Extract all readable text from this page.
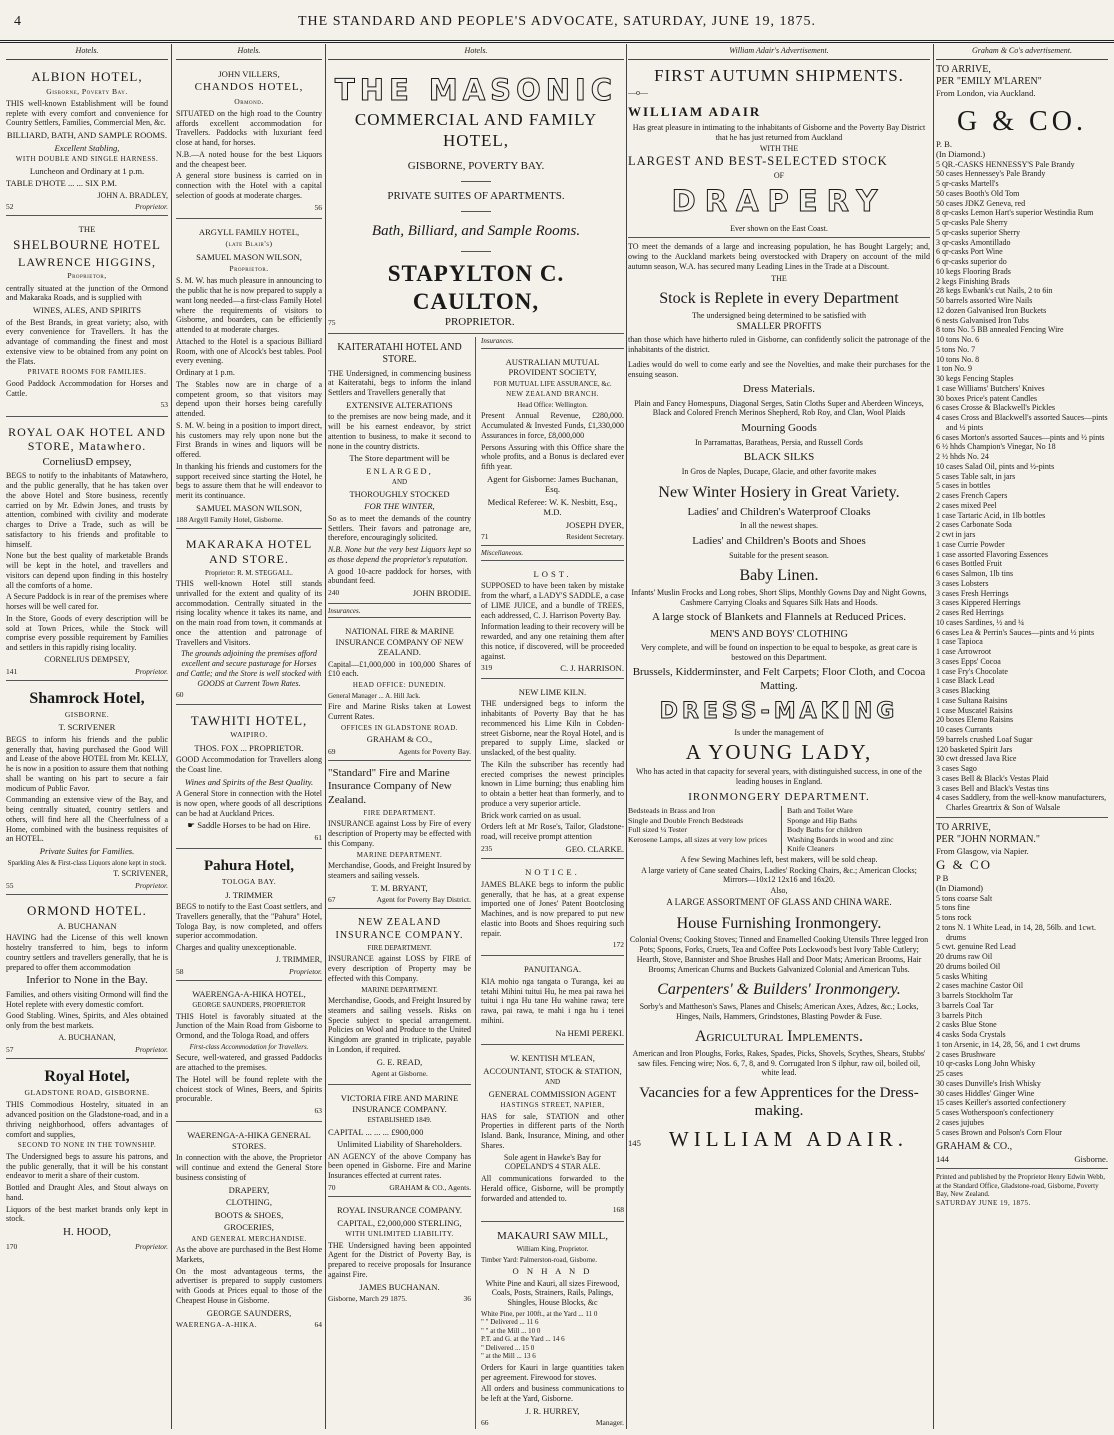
4	THE STANDARD AND PEOPLE'S ADVOCATE, SATURDAY, JUNE 19, 1875.
Hotels.
ALBION HOTEL,
Gisborne, Poverty Bay.

THIS well-known Establishment will be found replete with every comfort and convenience for Country Settlers, Families, Commercial Men, &c.

BILLIARD, BATH, AND SAMPLE ROOMS.
Excellent Stabling,
WITH DOUBLE AND SINGLE HARNESS.
Luncheon and Ordinary at 1 p.m.
TABLE D'HOTE ... ... SIX P.M.
JOHN A. BRADLEY,
52	Proprietor.
THE
SHELBOURNE HOTEL
LAWRENCE HIGGINS,
Proprietor,

centrally situated at the junction of the Ormond and Makaraka Roads, and is supplied with

WINES, ALES, AND SPIRITS

of the Best Brands, in great variety; also, with every convenience for Travellers. It has the advantage of commanding the finest and most extensive view to be obtained from any point on the Flats.

PRIVATE ROOMS FOR FAMILIES.

Good Paddock Accommodation for Horses and Cattle.

53
ROYAL OAK HOTEL AND STORE, Matawhero.
CorneliusD empsey,

BEGS to notify to the inhabitants of Matawhero, and the public generally, that he has taken over the above Hotel and Store business, recently carried on by Mr. Edwin Jones, and trusts by attention, combined with civility and moderate charges to Drive a Trade, such as will be satisfactory to his friends and profitable to himself.

None but the best quality of marketable Brands will be kept in the hotel, and travellers and visitors can depend upon finding in this hostelry all the comforts of a home.

A Secure Paddock is in rear of the premises where horses will be well cared for.

In the Store, Goods of every description will be sold at Town Prices, while the Stock will comprise every possible requirement by Families and settlers in this rapidly rising locality.

CORNELIUS DEMPSEY,
141	Proprietor.
Shamrock Hotel,
GISBORNE.
T. SCRIVENER

BEGS to inform his friends and the public generally that, having purchased the Good Will and Lease of the above HOTEL from Mr. KELLY, he is now in a position to assure them that nothing shall be wanting on his part to secure a fair modicum of Public Favor.

Commanding an extensive view of the Bay, and being centrally situated, country settlers and others, will find here all the Cheerfulness of a Home, combined with the business requisites of an HOTEL.

Private Suites for Families.
Sparkling Ales & First-class Liquors alone kept in stock.
T. SCRIVENER,
55	Proprietor.
ORMOND HOTEL.
A. BUCHANAN

HAVING had the License of this well known hostelry transferred to him, begs to inform country settlers and travellers generally, that he is prepared to offer them accommodation

Inferior to None in the Bay.

Families, and others visiting Ormond will find the Hotel replete with every domestic comfort.

Good Stabling. Wines, Spirits, and Ales obtained only from the best markets.

A. BUCHANAN,
57	Proprietor.
Royal Hotel,
GLADSTONE ROAD, GISBORNE.

THIS Commodious Hostelry, situated in an advanced position on the Gladstone-road, and in a thriving neighborhood, offers advantages of comfort and supplies,

SECOND TO NONE IN THE TOWNSHIP.

The Undersigned begs to assure his patrons, and the public generally, that it will be his constant endeavor to merit a share of their custom.

Bottled and Draught Ales, and Stout always on hand.

Liquors of the best market brands only kept in stock.

H. HOOD,
170	Proprietor.
Hotels.
JOHN VILLERS,
CHANDOS HOTEL,
Ormond.

SITUATED on the high road to the Country affords excellent accommodation for Travellers. Paddocks with luxuriant feed close at hand, for horses.

N.B.—A noted house for the best Liquors and the cheapest beer.

A general store business is carried on in connection with the Hotel with a capital selection of goods at moderate charges.

56
ARGYLL FAMILY HOTEL,
(late Blair's)
SAMUEL MASON WILSON,
Proprietor.

S. M. W. has much pleasure in announcing to the public that he is now prepared to supply a want long needed—a first-class Family Hotel where the requirements of visitors to Gisborne, and boarders, can be efficiently attended to at moderate charges.

Attached to the Hotel is a spacious Billiard Room, with one of Alcock's best tables. Pool every evening.

Ordinary at 1 p.m.

The Stables now are in charge of a competent groom, so that visitors may depend upon their horses being carefully attended.

S. M. W. being in a position to import direct, his customers may rely upon none but the First Brands in wines and liquors will be offered.

In thanking his friends and customers for the support received since starting the Hotel, he begs to assure them that he will endeavor to merit its continuance.

SAMUEL MASON WILSON,
188 Argyll Family Hotel, Gisborne.
MAKARAKA HOTEL AND STORE.
Proprietor: R. M. STEGGALL.

THIS well-known Hotel still stands unrivalled for the extent and quality of its accommodation. Centrally situated in the rising locality whence it takes its name, and on the main road from town, it commands at once the attention and patronage of Travellers and Visitors.

The grounds adjoining the premises afford excellent and secure pasturage for Horses and Cattle; and the Store is well stocked with GOODS at Current Town Rates.

60
TAWHITI HOTEL,
WAIPIRO.
THOS. FOX ... PROPRIETOR.

GOOD Accommodation for Travellers along the Coast line.

Wines and Spirits of the Best Quality.

A General Store in connection with the Hotel is now open, where goods of all descriptions can be had at Auckland Prices.

☛ Saddle Horses to be had on Hire.
61
Pahura Hotel,
TOLOGA BAY.
J. TRIMMER

BEGS to notify to the East Coast settlers, and Travellers generally, that the "Pahura" Hotel, Tologa Bay, is now completed, and offers superior accommodation.

Charges and quality unexceptionable.

J. TRIMMER,
58	Proprietor.
WAERENGA-A-HIKA HOTEL,
GEORGE SAUNDERS, PROPRIETOR

THIS Hotel is favorably situated at the Junction of the Main Road from Gisborne to Ormond, and the Tologa Road, and offers

First-class Accommodation for Travellers.

Secure, well-watered, and grassed Paddocks are attached to the premises.

The Hotel will be found replete with the choicest stock of Wines, Beers, and Spirits procurable.

63
WAERENGA-A-HIKA GENERAL STORES.

In connection with the above, the Proprietor will continue and extend the General Store business consisting of

DRAPERY,
CLOTHING,
BOOTS & SHOES,
GROCERIES,
AND GENERAL MERCHANDISE.

As the above are purchased in the Best Home Markets,

On the most advantageous terms, the advertiser is prepared to supply customers with Goods at Prices equal to those of the Cheapest House in Gisborne.

GEORGE SAUNDERS,
WAERENGA-A-HIKA.	64
Hotels.
THE MASONIC
COMMERCIAL AND FAMILY HOTEL,
GISBORNE, POVERTY BAY.
PRIVATE SUITES OF APARTMENTS.
Bath, Billiard, and Sample Rooms.
STAPYLTON C. CAULTON,
75	PROPRIETOR.
KAITERATAHI HOTEL AND STORE.

THE Undersigned, in commencing business at Kaiteratahi, begs to inform the inland Settlers and Travellers generally that

EXTENSIVE ALTERATIONS

to the premises are now being made, and it will be his earnest endeavor, by strict attention to business, to make it second to none in the country districts.

The Store department will be
ENLARGED,
AND
THOROUGHLY STOCKED
FOR THE WINTER,

So as to meet the demands of the country Settlers. Their favors and patronage are, therefore, encouragingly solicited.

N.B. None but the very best Liquors kept so as those depend the proprietor's reputation.

A good 10-acre paddock for horses, with abundant feed.

240	JOHN BRODIE.
Insurances.
NATIONAL FIRE & MARINE INSURANCE COMPANY OF NEW ZEALAND.

Capital—£1,000,000 in 100,000 Shares of £10 each.

HEAD OFFICE: DUNEDIN.
General Manager ... A. Hill Jack.

Fire and Marine Risks taken at Lowest Current Rates.

OFFICES IN GLADSTONE ROAD.
GRAHAM & CO.,
69	Agents for Poverty Bay.
"Standard" Fire and Marine Insurance Company of New Zealand.
FIRE DEPARTMENT.

INSURANCE against Loss by Fire of every description of Property may be effected with this Company.

MARINE DEPARTMENT.

Merchandise, Goods, and Freight Insured by steamers and sailing vessels.

T. M. BRYANT,
67	Agent for Poverty Bay District.
NEW ZEALAND INSURANCE COMPANY.
FIRE DEPARTMENT.

INSURANCE against LOSS by FIRE of every description of Property may be effected with this Company.

MARINE DEPARTMENT.

Merchandise, Goods, and Freight Insured by steamers and sailing vessels. Risks on Specie subject to special arrangement. Policies on Wool and Produce to the United Kingdom are granted in triplicate, payable in London, if required.

G. E. READ,
Agent at Gisborne.
VICTORIA FIRE AND MARINE INSURANCE COMPANY.
ESTABLISHED 1849.
CAPITAL ... ... ... £900,000
Unlimited Liability of Shareholders.

AN AGENCY of the above Company has been opened in Gisborne. Fire and Marine Insurances effected at current rates.

70	GRAHAM & CO., Agents.
ROYAL INSURANCE COMPANY.
CAPITAL, £2,000,000 STERLING,
WITH UNLIMITED LIABILITY.

THE Undersigned having been appointed Agent for the District of Poverty Bay, is prepared to receive proposals for Insurance against Fire.

JAMES BUCHANAN.
Gisborne, March 29 1875.	36
Insurances.
AUSTRALIAN MUTUAL PROVIDENT SOCIETY,
FOR MUTUAL LIFE ASSURANCE, &c.
NEW ZEALAND BRANCH.
Head Office: Wellington.

Present Annual Revenue, £280,000. Accumulated & Invested Funds, £1,330,000 Assurances in force, £8,000,000

Persons Assuring with this Office share the whole profits, and a Bonus is declared ever fifth year.

Agent for Gisborne: James Buchanan, Esq.
Medical Referee: W. K. Nesbitt, Esq., M.D.
JOSEPH DYER,
71	Resident Secretary.
Miscellaneous.
LOST.

SUPPOSED to have been taken by mistake from the wharf, a LADY'S SADDLE, a case of LIME JUICE, and a bundle of TREES, each addressed, C. J. Harrison Poverty Bay.

Information leading to their recovery will be rewarded, and any one retaining them after this notice, if discovered, will be proceeded against.

319	C. J. HARRISON.
NEW LIME KILN.

THE undersigned begs to inform the inhabitants of Poverty Bay that he has recommenced his Lime Kiln in Cobden-street Gisborne, near the Royal Hotel, and is prepared to supply Lime, slacked or unslacked, of the best quality.

The Kiln the subscriber has recently had erected comprises the newest principles known in Lime burning; thus enabling him to obtain a better heat than formerly, and to produce a very superior article.

Brick work carried on as usual.

Orders left at Mr Rose's, Tailor, Gladstone-road, will receive prompt attention

235	GEO. CLARKE.
NOTICE.

JAMES BLAKE begs to inform the public generally, that he has, at a great expense imported one of Jones' Patent Bootclosing Machines, and is now prepared to put new elastic into Boots and Shoes requiring such repair.

172
PANUITANGA.

KIA mohio nga tangata o Turanga, kei au tetahi Mihini tuitui Hu, he mea pai rawa hei tuitui i nga Hu tane Hu wahine rawa; tere rawa, pai rawa, te mahi i nga hu i tenei mihini.

Na HEMI PEREKI.
W. KENTISH M'LEAN,
ACCOUNTANT, STOCK & STATION,
AND
GENERAL COMMISSION AGENT
HASTINGS STREET, NAPIER,

HAS for sale, STATION and other Properties in different parts of the North Island. Bank, Insurance, Mining, and other Shares.

Sole agent in Hawke's Bay for COPELAND'S 4 STAR ALE.

All communications forwarded to the Herald office, Gisborne, will be promptly forwarded and attended to.

168
MAKAURI SAW MILL,
William King, Proprietor.
Timber Yard: Palmerston-road, Gisborne.
O N H A N D

White Pine and Kauri, all sizes Firewood, Coals, Posts, Strainers, Rails, Palings, Shingles, House Blocks, &c

White Pine, per 100ft., at the Yard ... 11 0
" " Delivered ... 11 6
" " at the Mill ... 10 0
P.T. and G. at the Yard ... 14 6
" Delivered ... 15 0
" at the Mill ... 13 6

Orders for Kauri in large quantities taken per agreement. Firewood for stoves.

All orders and business communications to be left at the Yard, Gisborne.

J. R. HURREY,
66	Manager.
William Adair's Advertisement.
FIRST AUTUMN SHIPMENTS.
—o—
WILLIAM ADAIR
Has great pleasure in intimating to the inhabitants of Gisborne and the Poverty Bay District that he has just returned from Auckland
WITH THE
LARGEST AND BEST-SELECTED STOCK
OF
DRAPERY
Ever shown on the East Coast.
TO meet the demands of a large and increasing population, he has Bought Largely; and, owing to the Auckland markets being overstocked with Drapery on account of the mild autumn season, W.A. has secured many Leading Lines in the Trade at a Discount.
THE
Stock is Replete in every Department
The undersigned being determined to be satisfied with
SMALLER PROFITS
than those which have hitherto ruled in Gisborne, can confidently solicit the patronage of the inhabitants of the district.
Ladies would do well to come early and see the Novelties, and make their purchases for the ensuing season.
Dress Materials.
Plain and Fancy Homespuns, Diagonal Serges, Satin Cloths Super and Aberdeen Winceys, Black and Colored French Merinos Shepherd, Rob Roy, and Clan, Wool Plaids
Mourning Goods
In Parramattas, Baratheas, Persia, and Russell Cords
BLACK SILKS
In Gros de Naples, Ducape, Glacie, and other favorite makes
New Winter Hosiery in Great Variety.
Ladies' and Children's Waterproof Cloaks
In all the newest shapes.
Ladies' and Children's Boots and Shoes
Suitable for the present season.
Baby Linen.
Infants' Muslin Frocks and Long robes, Short Slips, Monthly Gowns Day and Night Gowns, Cashmere Carrying Cloaks and Squares Silk Hats and Hoods.
A large stock of Blankets and Flannels at Reduced Prices.
MEN'S AND BOYS' CLOTHING
Very complete, and will be found on inspection to be equal to bespoke, as great care is bestowed on this Department.
Brussels, Kidderminster, and Felt Carpets; Floor Cloth, and Cocoa Matting.
DRESS-MAKING
Is under the management of
A YOUNG LADY,
Who has acted in that capacity for several years, with distinguished success, in one of the leading houses in England.
IRONMONGERY DEPARTMENT.
Bedsteads in Brass and Iron
Single and Double French Bedsteads
Full sized ¼ Tester
Kerosene Lamps, all sizes at very low prices
Bath and Toilet Ware
Sponge and Hip Baths
Body Baths for children
Washing Boards in wood and zinc
Knife Cleaners
A few Sewing Machines left, best makers, will be sold cheap.
A large variety of Cane seated Chairs, Ladies' Rocking Chairs, &c.; American Clocks; Mirrors—10x12 12x16 and 16x20.
Also,
A LARGE ASSORTMENT OF GLASS AND CHINA WARE.
House Furnishing Ironmongery.
Colonial Ovens; Cooking Stoves; Tinned and Enamelled Cooking Utensils Three legged Iron Pots; Spoons, Forks, Cruets, Tea and Coffee Pots Lockwood's best Ivory Table Cutlery; Hearth, Stove, Bannister and Shoe Brushes Hall and Door Mats; American Brooms, Hair Brooms; American Churns and Buckets Galvanized Colonial and American Tubs.
Carpenters' & Builders' Ironmongery.
Sorby's and Mattheson's Saws, Planes and Chisels; American Axes, Adzes, &c.; Locks, Hinges, Nails, Hammers, Grindstones, Blasting Powder & Fuse.
Agricultural Implements.
American and Iron Ploughs, Forks, Rakes, Spades, Picks, Shovels, Scythes, Shears, Stubbs' saw files. Fencing wire; Nos. 6, 7, 8, and 9. Corrugated Iron S ilphur, raw oil, boiled oil, white lead.
Vacancies for a few Apprentices for the Dress-making.
145	WILLIAM ADAIR.
Graham & Co's advertisement.
TO ARRIVE,
PER "EMILY M'LAREN"
From London, via Auckland.
G & CO.
P. B.
(In Diamond.)
5 QR.-CASKS HENNESSY'S Pale Brandy
50 cases Hennessey's Pale Brandy
5 qr-casks Martell's
50 cases Booth's Old Tom
50 cases JDKZ Geneva, red
8 qr-casks Lemon Hart's superior Westindia Rum
5 qr-casks Pale Sherry
5 qr-casks superior Sherry
3 qr-casks Amontillado
6 qr-casks Port Wine
6 qr-casks superior do
10 kegs Flooring Brads
2 kegs Finishing Brads
28 kegs Ewbank's cut Nails, 2 to 6in
50 barrels assorted Wire Nails
12 dozen Galvanised Iron Buckets
6 nests Galvanised Iron Tubs
8 tons No. 5 BB annealed Fencing Wire
10 tons No. 6
5 tons No. 7
10 tons No. 8
1 ton No. 9
30 kegs Fencing Staples
1 case Williams' Butchers' Knives
30 boxes Price's patent Candles
6 cases Crosse & Blackwell's Pickles
4 cases Cross and Blackwell's assorted Sauces—pints and ½ pints
6 cases Morton's assorted Sauces—pints and ½ pints
6 ½ hhds Champion's Vinegar, No 18
2 ½ hhds No. 24
10 cases Salad Oil, pints and ½-pints
5 cases Table salt, in jars
5 cases in bottles
2 cases French Capers
2 cases mixed Peel
1 case Tartaric Acid, in 1lb bottles
2 cases Carbonate Soda
2 cwt in jars
1 case Currie Powder
1 case assorted Flavoring Essences
6 cases Bottled Fruit
6 cases Salmon, 1lb tins
3 cases Lobsters
3 cases Fresh Herrings
3 cases Kippered Herrings
2 cases Red Herrings
10 cases Sardines, ½ and ¼
6 cases Lea & Perrin's Sauces—pints and ½ pints
1 case Tapioca
1 case Arrowroot
3 cases Epps' Cocoa
1 case Fry's Chocolate
1 case Black Lead
3 cases Blacking
1 case Sultana Raisins
1 case Muscatel Raisins
20 boxes Elemo Raisins
10 cases Currants
59 barrels crushed Loaf Sugar
120 basketed Spirit Jars
30 cwt dressed Java Rice
3 cases Sago
3 cases Bell & Black's Vestas Plaid
3 cases Bell and Black's Vestas tins
4 cases Saddlery, from the well-know manufacturers, Charles Greartrix & Son of Walsale
TO ARRIVE,
PER "JOHN NORMAN."
From Glasgow, via Napier.
G & CO
P B
(In Diamond)
5 tons coarse Salt
5 tons fine
5 tons rock
2 tons N. 1 White Lead, in 14, 28, 56lb. and 1cwt. drums
5 cwt. genuine Red Lead
20 drums raw Oil
20 drums boiled Oil
5 casks Whiting
2 cases machine Castor Oil
3 barrels Stockholm Tar
3 barrels Coal Tar
3 barrels Pitch
2 casks Blue Stone
4 casks Soda Crystals
1 ton Arsenic, in 14, 28, 56, and 1 cwt drums
2 cases Brushware
10 qr-casks Long John Whisky
25 cases
30 cases Dunville's Irish Whisky
30 cases Hiddles' Ginger Wine
15 cases Keiller's assorted confectionery
5 cases Wotherspoon's confectionery
2 cases jujubes
5 cases Brown and Polson's Corn Flour
GRAHAM & CO.,
144	Gisborne.
Printed and published by the Proprietor Henry Edwin Webb, at the Standard Office, Gladstone-road, Gisborne, Poverty Bay, New Zealand.
SATURDAY JUNE 19, 1875.
